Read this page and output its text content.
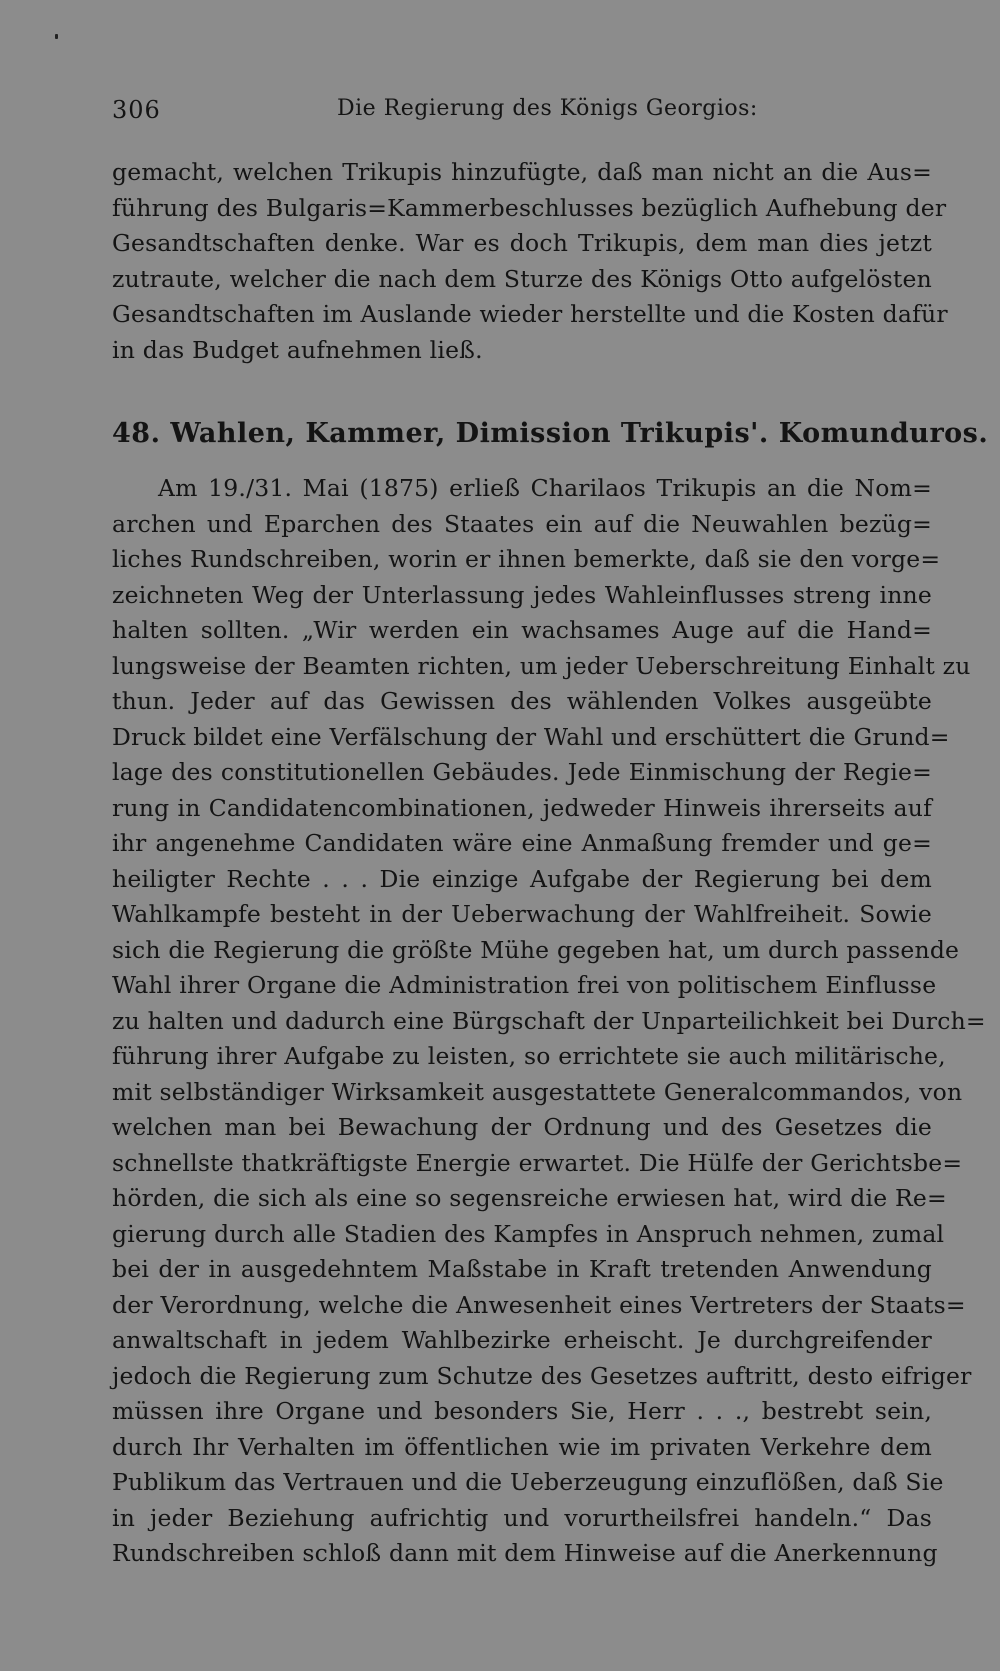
306	Die Regierung des Königs Georgios:
gemacht, welchen Trikupis hinzufügte, daß man nicht an die Aus=
führung des Bulgaris=Kammerbeschlusses bezüglich Aufhebung der
Gesandtschaften denke. War es doch Trikupis, dem man dies jetzt
zutraute, welcher die nach dem Sturze des Königs Otto aufgelösten
Gesandtschaften im Auslande wieder herstellte und die Kosten dafür
in das Budget aufnehmen ließ.
48. Wahlen, Kammer, Dimission Trikupis'. Komunduros.
Am 19./31. Mai (1875) erließ Charilaos Trikupis an die Nom=
archen und Eparchen des Staates ein auf die Neuwahlen bezüg=
liches Rundschreiben, worin er ihnen bemerkte, daß sie den vorge=
zeichneten Weg der Unterlassung jedes Wahleinflusses streng inne
halten sollten. „Wir werden ein wachsames Auge auf die Hand=
lungsweise der Beamten richten, um jeder Ueberschreitung Einhalt zu
thun. Jeder auf das Gewissen des wählenden Volkes ausgeübte
Druck bildet eine Verfälschung der Wahl und erschüttert die Grund=
lage des constitutionellen Gebäudes. Jede Einmischung der Regie=
rung in Candidatencombinationen, jedweder Hinweis ihrerseits auf
ihr angenehme Candidaten wäre eine Anmaßung fremder und ge=
heiligter Rechte . . . Die einzige Aufgabe der Regierung bei dem
Wahlkampfe besteht in der Ueberwachung der Wahlfreiheit. Sowie
sich die Regierung die größte Mühe gegeben hat, um durch passende
Wahl ihrer Organe die Administration frei von politischem Einflusse
zu halten und dadurch eine Bürgschaft der Unparteilichkeit bei Durch=
führung ihrer Aufgabe zu leisten, so errichtete sie auch militärische,
mit selbständiger Wirksamkeit ausgestattete Generalcommandos, von
welchen man bei Bewachung der Ordnung und des Gesetzes die
schnellste thatkräftigste Energie erwartet. Die Hülfe der Gerichtsbe=
hörden, die sich als eine so segensreiche erwiesen hat, wird die Re=
gierung durch alle Stadien des Kampfes in Anspruch nehmen, zumal
bei der in ausgedehntem Maßstabe in Kraft tretenden Anwendung
der Verordnung, welche die Anwesenheit eines Vertreters der Staats=
anwaltschaft in jedem Wahlbezirke erheischt. Je durchgreifender
jedoch die Regierung zum Schutze des Gesetzes auftritt, desto eifriger
müssen ihre Organe und besonders Sie, Herr . . ., bestrebt sein,
durch Ihr Verhalten im öffentlichen wie im privaten Verkehre dem
Publikum das Vertrauen und die Ueberzeugung einzuflößen, daß Sie
in jeder Beziehung aufrichtig und vorurtheilsfrei handeln.“ Das
Rundschreiben schloß dann mit dem Hinweise auf die Anerkennung
